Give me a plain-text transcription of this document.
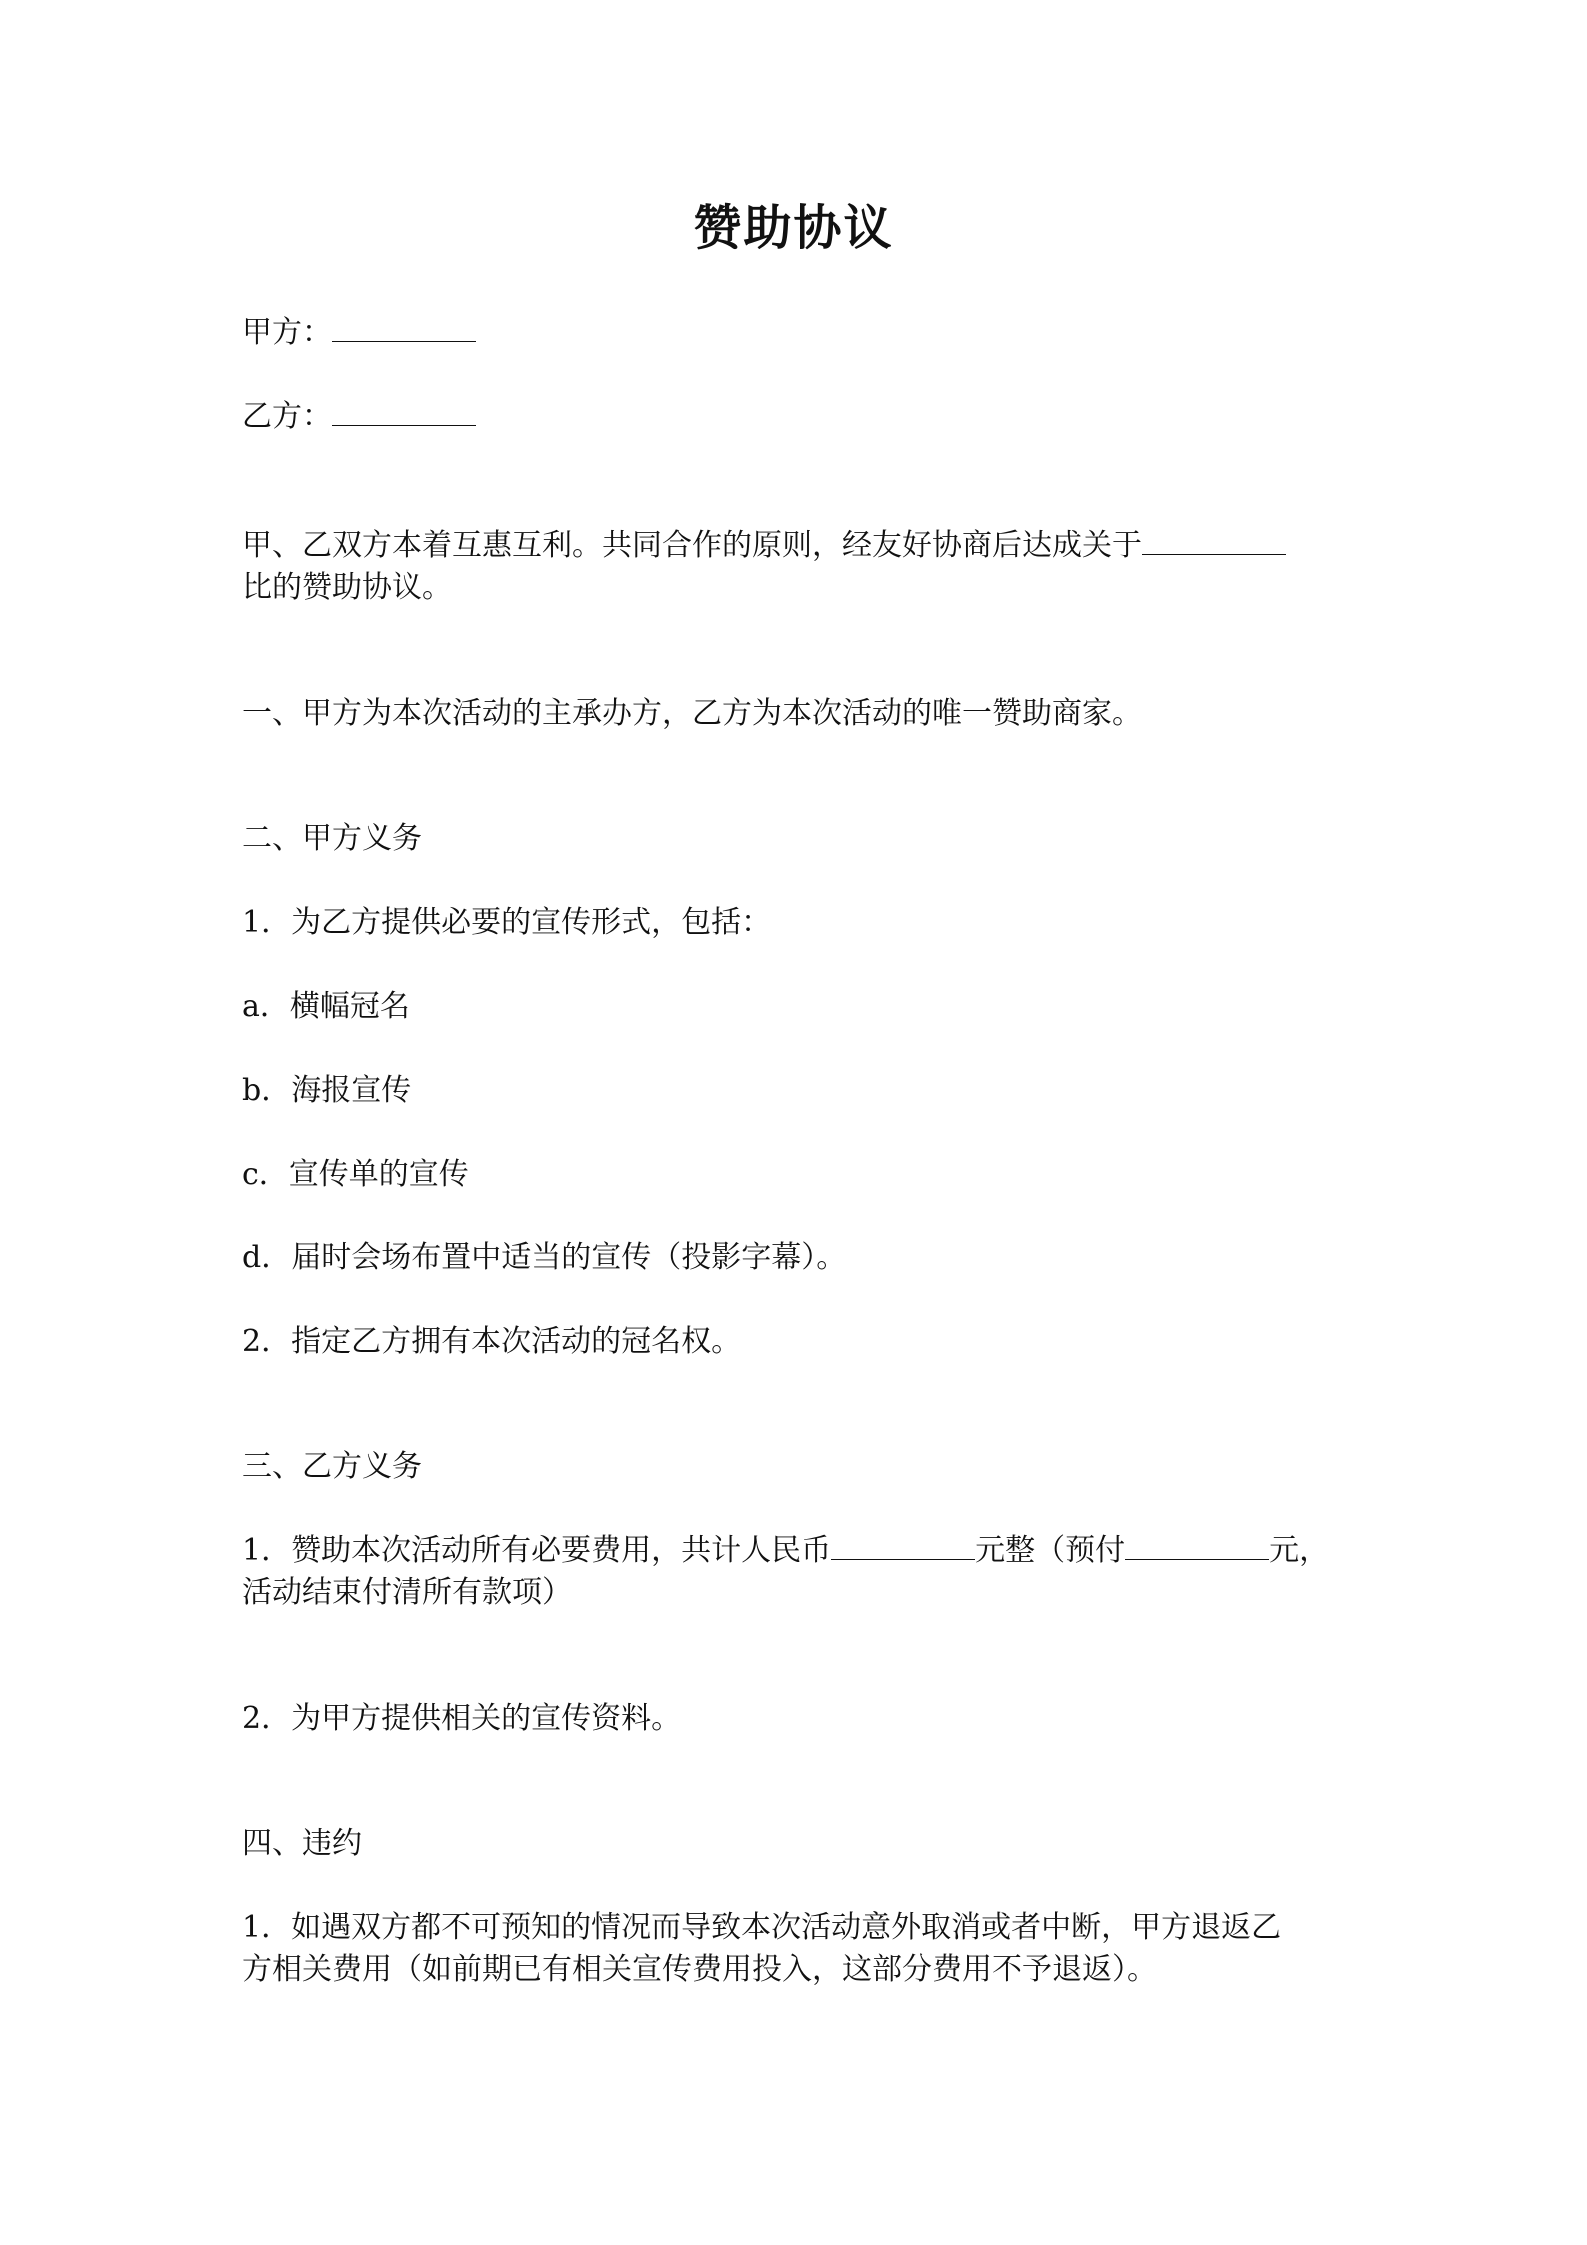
赞助协议
甲方：
乙方：
甲、乙双方本着互惠互利。共同合作的原则，经友好协商后达成关于
比的赞助协议。
一、甲方为本次活动的主承办方，乙方为本次活动的唯一赞助商家。
二、甲方义务
1．为乙方提供必要的宣传形式，包括：
a．横幅冠名
b．海报宣传
c．宣传单的宣传
d．届时会场布置中适当的宣传（投影字幕）。
2．指定乙方拥有本次活动的冠名权。
三、乙方义务
1．赞助本次活动所有必要费用，共计人民币	元整（预付	元，
活动结束付清所有款项）
2．为甲方提供相关的宣传资料。
四、违约
1．如遇双方都不可预知的情况而导致本次活动意外取消或者中断，甲方退返乙
方相关费用（如前期已有相关宣传费用投入，这部分费用不予退返）。
